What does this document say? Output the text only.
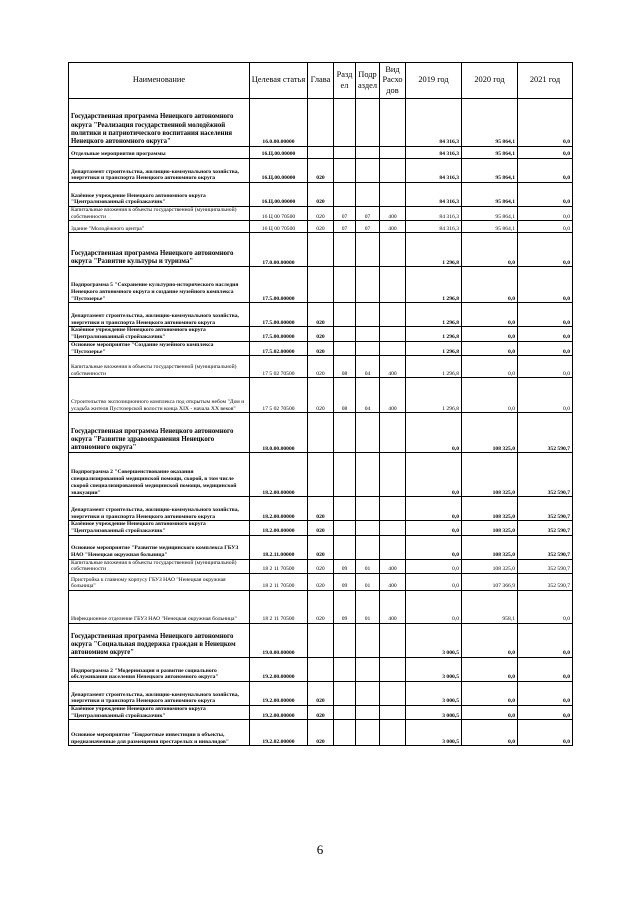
Наименование	Целевая статья	Глава	Разд ел	Подр аздел	Вид Расхо дов	2019 год	2020 год	2021 год
Государственная программа Ненецкого автономного округа "Реализация государственной молодёжной политики и патриотического воспитания населения Ненецкого автономного округа"	16.0.00.00000					84 316,3	95 864,1	0,0
Отдельные мероприятия программы	16.Ц.00.00000					84 316,3	95 864,1	0,0
Департамент строительства, жилищно-коммунального хозяйства, энергетики и транспорта Ненецкого автономного округа	16.Ц.00.00000	020				84 316,3	95 864,1	0,0
Казённое учреждение Ненецкого автономного округа "Централизованный стройзаказчик"	16.Ц.00.00000	020				84 316,3	95 864,1	0,0
Капитальные вложения в объекты государственной (муниципальной) собственности	16 Ц 00 70500	020	07	07	400	84 316,3	95 864,1	0,0
Здание "Молодёжного центра"	16 Ц 00 70500	020	07	07	400	84 316,3	95 864,1	0,0
Государственная программа Ненецкого автономного округа "Развитие культуры и туризма"	17.0.00.00000					1 296,8	0,0	0,0
Подпрограмма 5 "Сохранение культурно-исторического наследия Ненецкого автономного округа и создание музейного комплекса "Пустозерье"	17.5.00.00000					1 296,8	0,0	0,0
Департамент строительства, жилищно-коммунального хозяйства, энергетики и транспорта Ненецкого автономного округа	17.5.00.00000	020				1 296,8	0,0	0,0
Казённое учреждение Ненецкого автономного округа "Централизованный стройзаказчик"	17.5.00.00000	020				1 296,8	0,0	0,0
Основное мероприятие "Создание музейного комплекса "Пустозерье"	17.5.02.00000	020				1 296,8	0,0	0,0
Капитальные вложения в объекты государственной (муниципальной) собственности	17 5 02 70500	020	08	04	400	1 296,8	0,0	0,0
Строительство экспозиционного комплекса под открытым небом "Дом и усадьба жителя Пустозерской волости конца XIX - начала XX веков"	17 5 02 70500	020	08	04	400	1 296,8	0,0	0,0
Государственная программа Ненецкого автономного округа "Развитие здравоохранения Ненецкого автономного округа"	18.0.00.00000					0,0	108 325,0	352 590,7
Подпрограмма 2 "Совершенствование оказания специализированной медицинской помощи, скорой, в том числе скорой специализированной медицинской помощи, медицинской эвакуации"	18.2.00.00000					0,0	108 325,0	352 590,7
Департамент строительства, жилищно-коммунального хозяйства, энергетики и транспорта Ненецкого автономного округа	18.2.00.00000	020				0,0	108 325,0	352 590,7
Казённое учреждение Ненецкого автономного округа "Централизованный стройзаказчик"	18.2.00.00000	020				0,0	108 325,0	352 590,7
Основное мероприятие "Развитие медицинского комплекса ГБУЗ НАО "Ненецкая окружная больница"	18.2.11.00000	020				0,0	108 325,0	352 590,7
Капитальные вложения в объекты государственной (муниципальной) собственности	18 2 11 70500	020	09	01	400	0,0	108 325,0	352 590,7
Пристройка к главному корпусу ГБУЗ НАО "Ненецкая окружная больница"	18 2 11 70500	020	09	01	400	0,0	107 366,9	352 590,7
Инфекционное отделение ГБУЗ НАО "Ненецкая окружная больница"	18 2 11 70500	020	09	01	400	0,0	958,1	0,0
Государственная программа Ненецкого автономного округа "Социальная поддержка граждан в Ненецком автономном округе"	19.0.00.00000					3 000,5	0,0	0,0
Подпрограмма 2 "Модернизация и развитие социального обслуживания населения Ненецкого автономного округа"	19.2.00.00000					3 000,5	0,0	0,0
Департамент строительства, жилищно-коммунального хозяйства, энергетики и транспорта Ненецкого автономного округа	19.2.00.00000	020				3 000,5	0,0	0,0
Казённое учреждение Ненецкого автономного округа "Централизованный стройзаказчик"	19.2.00.00000	020				3 000,5	0,0	0,0
Основное мероприятие "Бюджетные инвестиции в объекты, предназначенные для размещения престарелых и инвалидов"	19.2.02.00000	020				3 000,5	0,0	0,0
6
